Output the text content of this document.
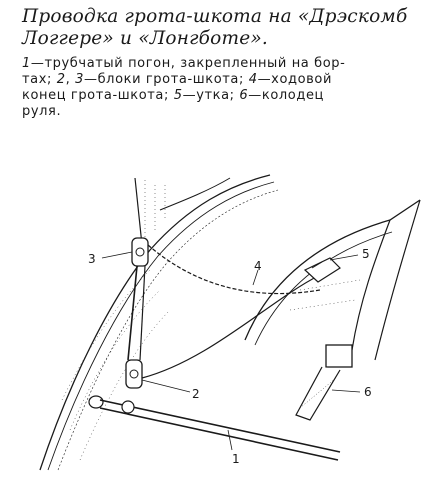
Проводка грота-шкота на «Дрэскомб
Логгере» и «Лонгботе».
1—трубчатый погон, закрепленный на бор-
тах; 2, 3—блоки грота-шкота; 4—ходовой
конец грота-шкота; 5—утка; 6—колодец
руля.
3
2
4
5
6
1
